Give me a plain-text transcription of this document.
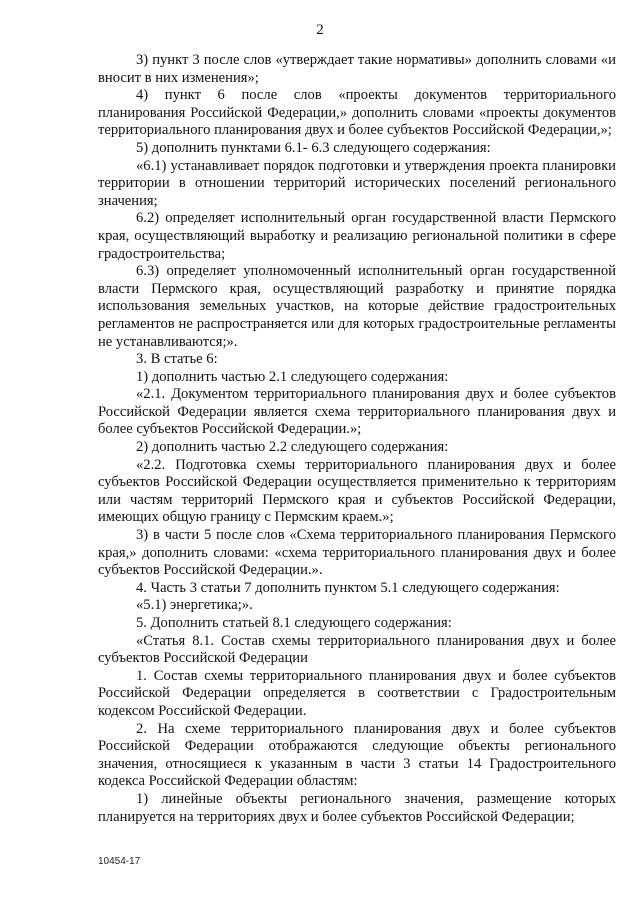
2

3) пункт 3 после слов «утверждает такие нормативы» дополнить словами «и вносит в них изменения»;

4) пункт 6 после слов «проекты документов территориального планирования Российской Федерации,» дополнить словами «проекты документов территориального планирования двух и более субъектов Российской Федерации,»;

5) дополнить пунктами 6.1- 6.3 следующего содержания:

«6.1) устанавливает порядок подготовки и утверждения проекта планировки территории в отношении территорий исторических поселений регионального значения;

6.2) определяет исполнительный орган государственной власти Пермского края, осуществляющий выработку и реализацию региональной политики в сфере градостроительства;

6.3) определяет уполномоченный исполнительный орган государственной власти Пермского края, осуществляющий разработку и принятие порядка использования земельных участков, на которые действие градостроительных регламентов не распространяется или для которых градостроительные регламенты не устанавливаются;».

3. В статье 6:

1) дополнить частью 2.1 следующего содержания:

«2.1. Документом территориального планирования двух и более субъектов Российской Федерации является схема территориального планирования двух и более субъектов Российской Федерации.»;

2) дополнить частью 2.2 следующего содержания:

«2.2. Подготовка схемы территориального планирования двух и более субъектов Российской Федерации осуществляется применительно к территориям или частям территорий Пермского края и субъектов Российской Федерации, имеющих общую границу с Пермским краем.»;

3) в части 5 после слов «Схема территориального планирования Пермского края,» дополнить словами: «схема территориального планирования двух и более субъектов Российской Федерации.».

4. Часть 3 статьи 7 дополнить пунктом 5.1 следующего содержания:

«5.1) энергетика;».

5. Дополнить статьей 8.1 следующего содержания:

«Статья 8.1. Состав схемы территориального планирования двух и более субъектов Российской Федерации

1. Состав схемы территориального планирования двух и более субъектов Российской Федерации определяется в соответствии с Градостроительным кодексом Российской Федерации.

2. На схеме территориального планирования двух и более субъектов Российской Федерации отображаются следующие объекты регионального значения, относящиеся к указанным в части 3 статьи 14 Градостроительного кодекса Российской Федерации областям:

1) линейные объекты регионального значения, размещение которых планируется на территориях двух и более субъектов Российской Федерации;

10454-17
